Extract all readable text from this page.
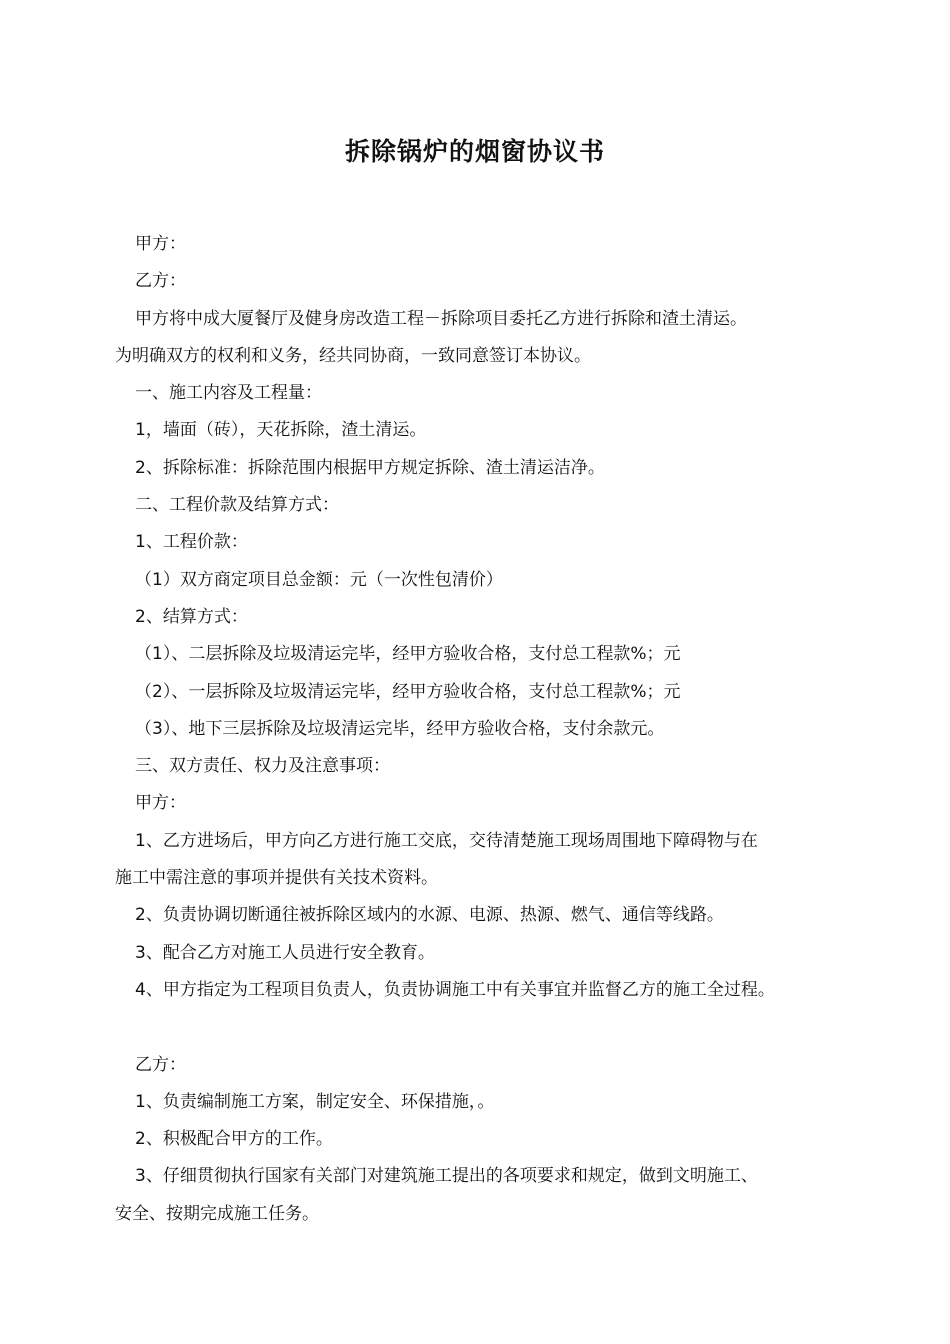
拆除锅炉的烟窗协议书

甲方：

乙方：

甲方将中成大厦餐厅及健身房改造工程－拆除项目委托乙方进行拆除和渣土清运。

为明确双方的权利和义务，经共同协商，一致同意签订本协议。

一、施工内容及工程量：

1，墙面（砖），天花拆除，渣土清运。

2、拆除标准：拆除范围内根据甲方规定拆除、渣土清运洁净。

二、工程价款及结算方式：

1、工程价款：

（1）双方商定项目总金额：元（一次性包清价）

2、结算方式：

（1）、二层拆除及垃圾清运完毕，经甲方验收合格，支付总工程款%；元

（2）、一层拆除及垃圾清运完毕，经甲方验收合格，支付总工程款%；元

（3）、地下三层拆除及垃圾清运完毕，经甲方验收合格，支付余款元。

三、双方责任、权力及注意事项：

甲方：

1、乙方进场后，甲方向乙方进行施工交底，交待清楚施工现场周围地下障碍物与在

施工中需注意的事项并提供有关技术资料。

2、负责协调切断通往被拆除区域内的水源、电源、热源、燃气、通信等线路。

3、配合乙方对施工人员进行安全教育。

4、甲方指定为工程项目负责人，负责协调施工中有关事宜并监督乙方的施工全过程。

乙方：

1、负责编制施工方案，制定安全、环保措施，。

2、积极配合甲方的工作。

3、仔细贯彻执行国家有关部门对建筑施工提出的各项要求和规定，做到文明施工、

安全、按期完成施工任务。
